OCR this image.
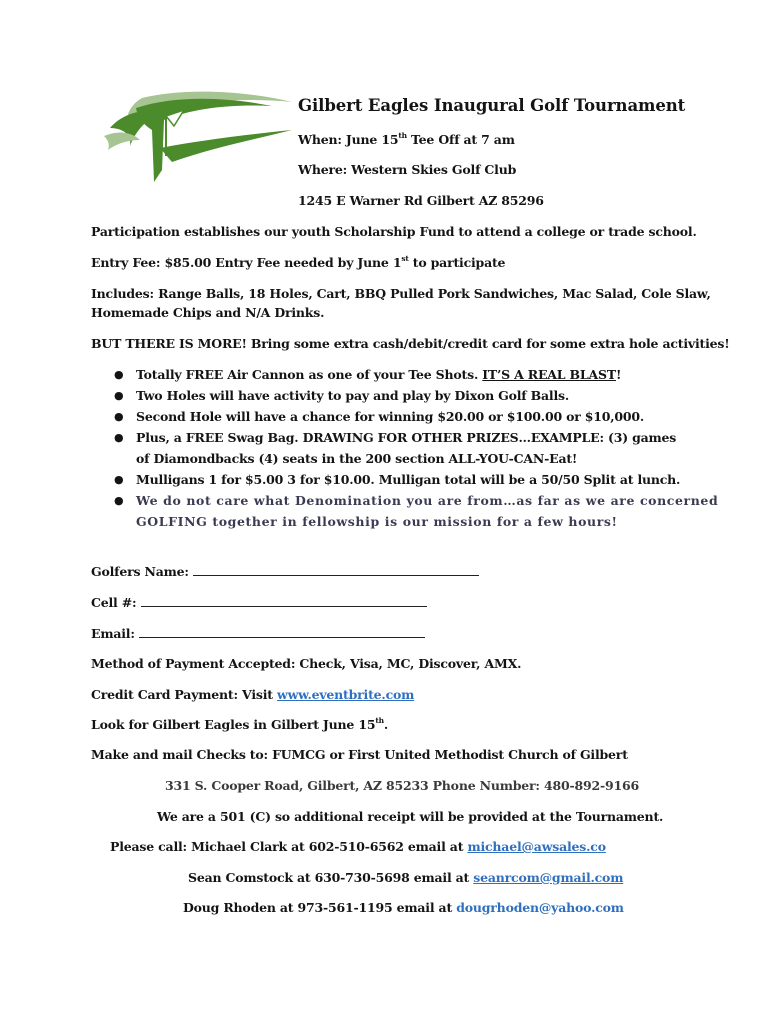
Gilbert Eagles Inaugural Golf Tournament
When: June 15th Tee Off at 7 am
Where: Western Skies Golf Club
1245 E Warner Rd Gilbert AZ 85296
Participation establishes our youth Scholarship Fund to attend a college or trade school.
Entry Fee: $85.00 Entry Fee needed by June 1st to participate
Includes: Range Balls, 18 Holes, Cart, BBQ Pulled Pork Sandwiches, Mac Salad, Cole Slaw,
Homemade Chips and N/A Drinks.
BUT THERE IS MORE! Bring some extra cash/debit/credit card for some extra hole activities!
● Totally FREE Air Cannon as one of your Tee Shots. IT’S A REAL BLAST!
● Two Holes will have activity to pay and play by Dixon Golf Balls.
● Second Hole will have a chance for winning $20.00 or $100.00 or $10,000.
● Plus, a FREE Swag Bag. DRAWING FOR OTHER PRIZES…EXAMPLE: (3) games
of Diamondbacks (4) seats in the 200 section ALL-YOU-CAN-Eat!
● Mulligans 1 for $5.00 3 for $10.00. Mulligan total will be a 50/50 Split at lunch.
● We do not care what Denomination you are from…as far as we are concerned
GOLFING together in fellowship is our mission for a few hours!
Golfers Name:
Cell #:
Email:
Method of Payment Accepted: Check, Visa, MC, Discover, AMX.
Credit Card Payment: Visit www.eventbrite.com
Look for Gilbert Eagles in Gilbert June 15th.
Make and mail Checks to: FUMCG or First United Methodist Church of Gilbert
331 S. Cooper Road, Gilbert, AZ 85233 Phone Number: 480-892-9166
We are a 501 (C) so additional receipt will be provided at the Tournament.
Please call: Michael Clark at 602-510-6562 email at michael@awsales.co
Sean Comstock at 630-730-5698 email at seanrcom@gmail.com
Doug Rhoden at 973-561-1195 email at dougrhoden@yahoo.com
